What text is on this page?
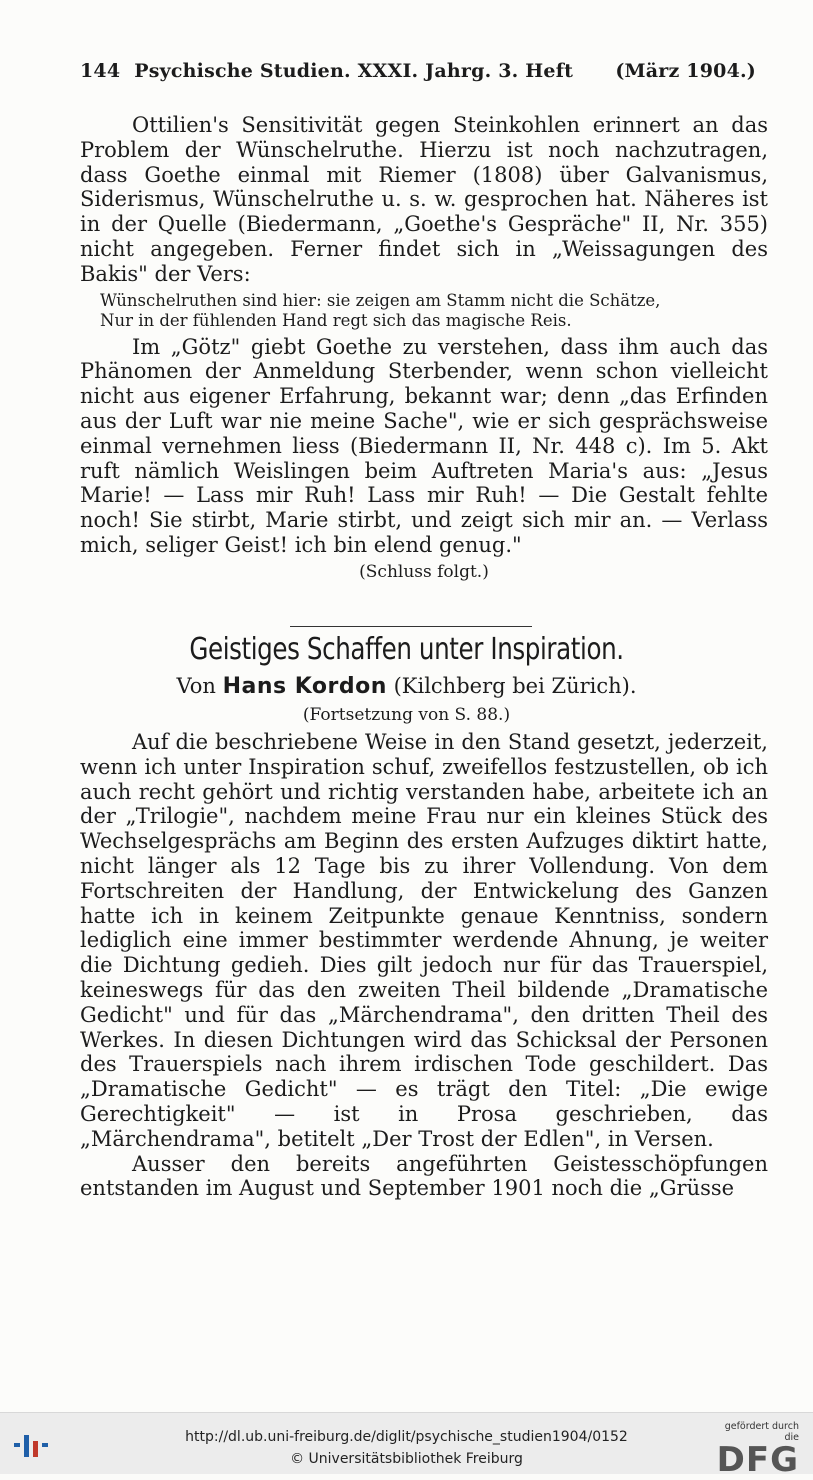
144 Psychische Studien. XXXI. Jahrg. 3. Heft	(März 1904.)

Ottilien's Sensitivität gegen Steinkohlen erinnert an das Problem der Wünschelruthe. Hierzu ist noch nachzutragen, dass Goethe einmal mit Riemer (1808) über Galvanismus, Siderismus, Wünschelruthe u. s. w. gesprochen hat. Näheres ist in der Quelle (Biedermann, „Goethe's Gespräche" II, Nr. 355) nicht angegeben. Ferner findet sich in „Weissagungen des Bakis" der Vers:

Wünschelruthen sind hier: sie zeigen am Stamm nicht die Schätze,
Nur in der fühlenden Hand regt sich das magische Reis.

Im „Götz" giebt Goethe zu verstehen, dass ihm auch das Phänomen der Anmeldung Sterbender, wenn schon vielleicht nicht aus eigener Erfahrung, bekannt war; denn „das Erfinden aus der Luft war nie meine Sache", wie er sich gesprächsweise einmal vernehmen liess (Biedermann II, Nr. 448 c). Im 5. Akt ruft nämlich Weislingen beim Auftreten Maria's aus: „Jesus Marie! — Lass mir Ruh! Lass mir Ruh! — Die Gestalt fehlte noch! Sie stirbt, Marie stirbt, und zeigt sich mir an. — Verlass mich, seliger Geist! ich bin elend genug."

(Schluss folgt.)
Geistiges Schaffen unter Inspiration.
Von Hans Kordon (Kilchberg bei Zürich).
(Fortsetzung von S. 88.)

Auf die beschriebene Weise in den Stand gesetzt, jederzeit, wenn ich unter Inspiration schuf, zweifellos festzustellen, ob ich auch recht gehört und richtig verstanden habe, arbeitete ich an der „Trilogie", nachdem meine Frau nur ein kleines Stück des Wechselgesprächs am Beginn des ersten Aufzuges diktirt hatte, nicht länger als 12 Tage bis zu ihrer Vollendung. Von dem Fortschreiten der Handlung, der Entwickelung des Ganzen hatte ich in keinem Zeitpunkte genaue Kenntniss, sondern lediglich eine immer bestimmter werdende Ahnung, je weiter die Dichtung gedieh. Dies gilt jedoch nur für das Trauerspiel, keineswegs für das den zweiten Theil bildende „Dramatische Gedicht" und für das „Märchendrama", den dritten Theil des Werkes. In diesen Dichtungen wird das Schicksal der Personen des Trauerspiels nach ihrem irdischen Tode geschildert. Das „Dramatische Gedicht" — es trägt den Titel: „Die ewige Gerechtigkeit" — ist in Prosa geschrieben, das „Märchendrama", betitelt „Der Trost der Edlen", in Versen.

Ausser den bereits angeführten Geistesschöpfungen entstanden im August und September 1901 noch die „Grüsse

http://dl.ub.uni-freiburg.de/diglit/psychische_studien1904/0152
© Universitätsbibliothek Freiburg
gefördert durch die
DFG
